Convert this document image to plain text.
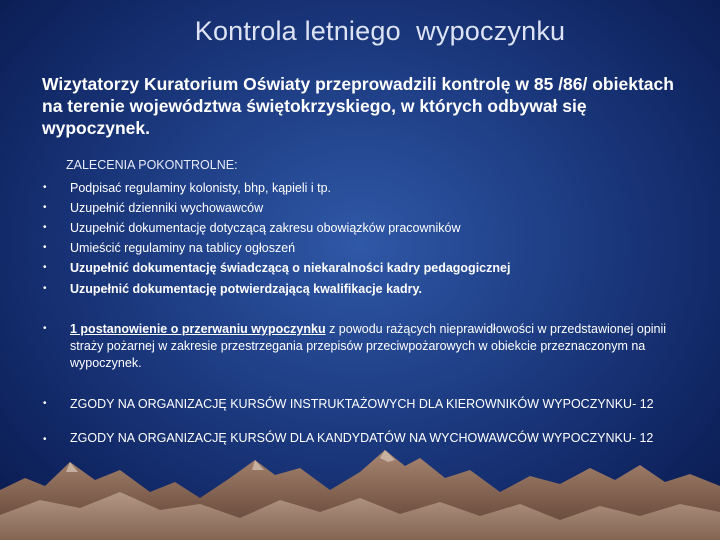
Kontrola letniego  wypoczynku
Wizytatorzy Kuratorium Oświaty przeprowadzili kontrolę w 85 /86/ obiektach na terenie województwa świętokrzyskiego, w których odbywał się wypoczynek.
ZALECENIA POKONTROLNE:
• Podpisać regulaminy kolonisty, bhp, kąpieli i tp.
• Uzupełnić dzienniki wychowawców
• Uzupełnić dokumentację dotyczącą zakresu obowiązków pracowników
• Umieścić regulaminy na tablicy ogłoszeń
• Uzupełnić dokumentację świadczącą o niekaralności kadry pedagogicznej
• Uzupełnić dokumentację potwierdzającą kwalifikacje kadry.
• 1 postanowienie o przerwaniu wypoczynku z powodu rażących nieprawidłowości w przedstawionej opinii straży pożarnej w zakresie przestrzegania przepisów przeciwpożarowych w obiekcie przeznaczonym na wypoczynek.
• ZGODY NA ORGANIZACJĘ KURSÓW INSTRUKTAŻOWYCH DLA KIEROWNIKÓW WYPOCZYNKU- 12
• ZGODY NA ORGANIZACJĘ KURSÓW DLA KANDYDATÓW NA WYCHOWAWCÓW WYPOCZYNKU- 12
